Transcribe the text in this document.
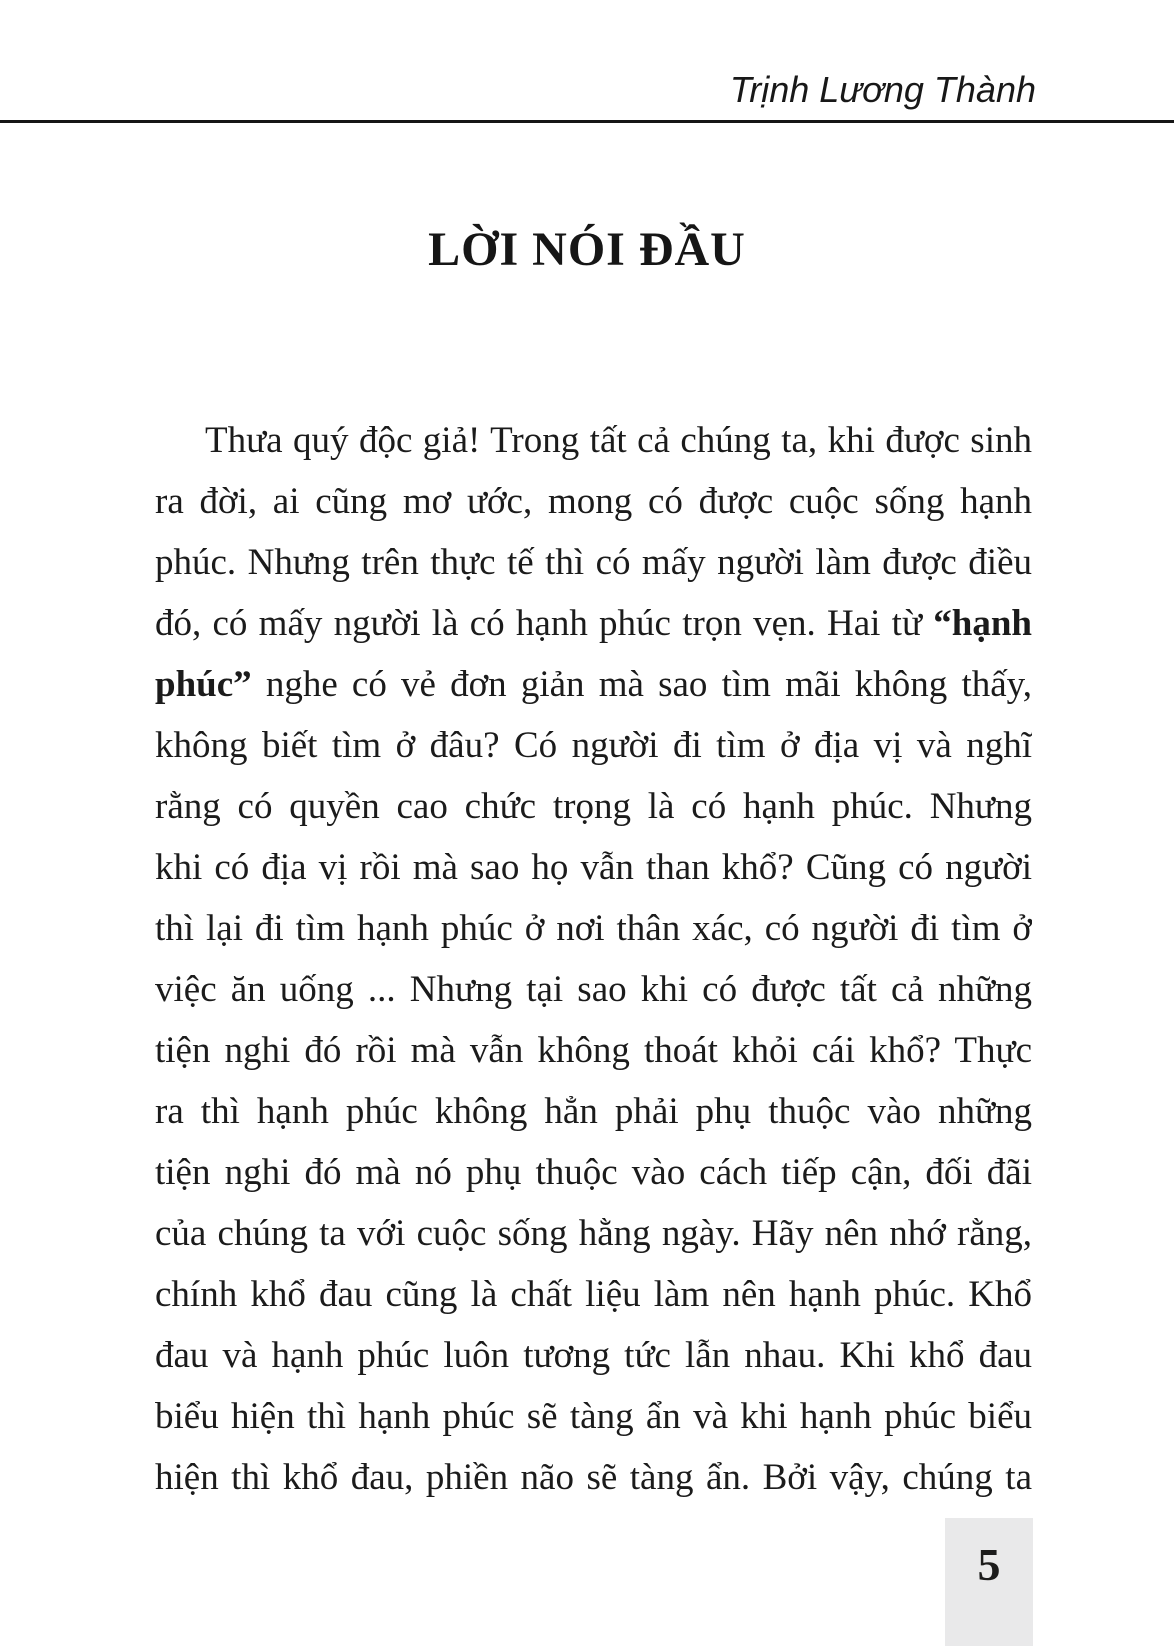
Trịnh Lương Thành
LỜI NÓI ĐẦU
Thưa quý độc giả! Trong tất cả chúng ta, khi được sinh
ra đời, ai cũng mơ ước, mong có được cuộc sống hạnh
phúc. Nhưng trên thực tế thì có mấy người làm được điều
đó, có mấy người là có hạnh phúc trọn vẹn. Hai từ “hạnh
phúc” nghe có vẻ đơn giản mà sao tìm mãi không thấy,
không biết tìm ở đâu? Có người đi tìm ở địa vị và nghĩ
rằng có quyền cao chức trọng là có hạnh phúc. Nhưng
khi có địa vị rồi mà sao họ vẫn than khổ? Cũng có người
thì lại đi tìm hạnh phúc ở nơi thân xác, có người đi tìm ở
việc ăn uống ... Nhưng tại sao khi có được tất cả những
tiện nghi đó rồi mà vẫn không thoát khỏi cái khổ? Thực
ra thì hạnh phúc không hẳn phải phụ thuộc vào những
tiện nghi đó mà nó phụ thuộc vào cách tiếp cận, đối đãi
của chúng ta với cuộc sống hằng ngày. Hãy nên nhớ rằng,
chính khổ đau cũng là chất liệu làm nên hạnh phúc. Khổ
đau và hạnh phúc luôn tương tức lẫn nhau. Khi khổ đau
biểu hiện thì hạnh phúc sẽ tàng ẩn và khi hạnh phúc biểu
hiện thì khổ đau, phiền não sẽ tàng ẩn. Bởi vậy, chúng ta
5
